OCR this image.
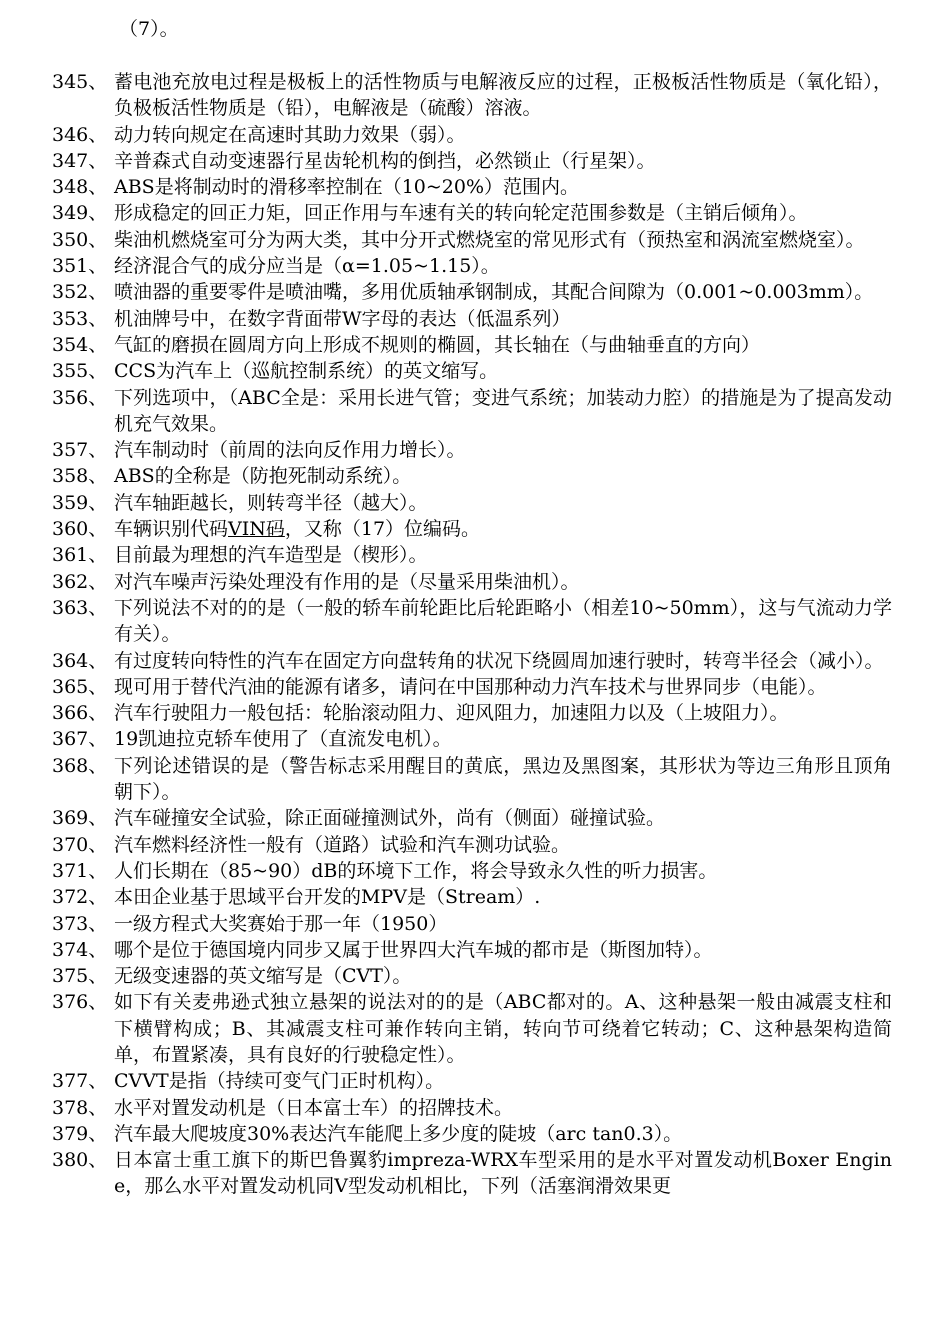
（7）。
345、 蓄电池充放电过程是极板上的活性物质与电解液反应的过程，正极板活性物质是（氧化铅），负极板活性物质是（铅），电解液是（硫酸）溶液。
346、 动力转向规定在高速时其助力效果（弱）。
347、 辛普森式自动变速器行星齿轮机构的倒挡，必然锁止（行星架）。
348、 ABS是将制动时的滑移率控制在（10~20%）范围内。
349、 形成稳定的回正力矩，回正作用与车速有关的转向轮定范围参数是（主销后倾角）。
350、 柴油机燃烧室可分为两大类，其中分开式燃烧室的常见形式有（预热室和涡流室燃烧室）。
351、 经济混合气的成分应当是（α=1.05~1.15）。
352、 喷油器的重要零件是喷油嘴，多用优质轴承钢制成，其配合间隙为（0.001~0.003mm）。
353、 机油牌号中，在数字背面带W字母的表达（低温系列）
354、 气缸的磨损在圆周方向上形成不规则的椭圆，其长轴在（与曲轴垂直的方向）
355、 CCS为汽车上（巡航控制系统）的英文缩写。
356、 下列选项中，（ABC全是：采用长进气管；变进气系统；加装动力腔）的措施是为了提高发动机充气效果。
357、 汽车制动时（前周的法向反作用力增长）。
358、 ABS的全称是（防抱死制动系统）。
359、 汽车轴距越长，则转弯半径（越大）。
360、 车辆识别代码VIN码，又称（17）位编码。
361、 目前最为理想的汽车造型是（楔形）。
362、 对汽车噪声污染处理没有作用的是（尽量采用柴油机）。
363、 下列说法不对的的是（一般的轿车前轮距比后轮距略小（相差10~50mm），这与气流动力学有关）。
364、 有过度转向特性的汽车在固定方向盘转角的状况下绕圆周加速行驶时，转弯半径会（减小）。
365、 现可用于替代汽油的能源有诸多，请问在中国那种动力汽车技术与世界同步（电能）。
366、 汽车行驶阻力一般包括：轮胎滚动阻力、迎风阻力，加速阻力以及（上坡阻力）。
367、 19凯迪拉克轿车使用了（直流发电机）。
368、 下列论述错误的是（警告标志采用醒目的黄底，黑边及黑图案，其形状为等边三角形且顶角朝下）。
369、 汽车碰撞安全试验，除正面碰撞测试外，尚有（侧面）碰撞试验。
370、 汽车燃料经济性一般有（道路）试验和汽车测功试验。
371、 人们长期在（85~90）dB的环境下工作，将会导致永久性的听力损害。
372、 本田企业基于思域平台开发的MPV是（Stream）.
373、 一级方程式大奖赛始于那一年（1950）
374、 哪个是位于德国境内同步又属于世界四大汽车城的都市是（斯图加特）。
375、 无级变速器的英文缩写是（CVT）。
376、 如下有关麦弗逊式独立悬架的说法对的的是（ABC都对的。A、这种悬架一般由减震支柱和下横臂构成；B、其减震支柱可兼作转向主销，转向节可绕着它转动；C、这种悬架构造简单，布置紧凑，具有良好的行驶稳定性）。
377、 CVVT是指（持续可变气门正时机构）。
378、 水平对置发动机是（日本富士车）的招牌技术。
379、 汽车最大爬坡度30%表达汽车能爬上多少度的陡坡（arc tan0.3）。
380、 日本富士重工旗下的斯巴鲁翼豹impreza-WRX车型采用的是水平对置发动机Boxer Engine，那么水平对置发动机同V型发动机相比，下列（活塞润滑效果更
